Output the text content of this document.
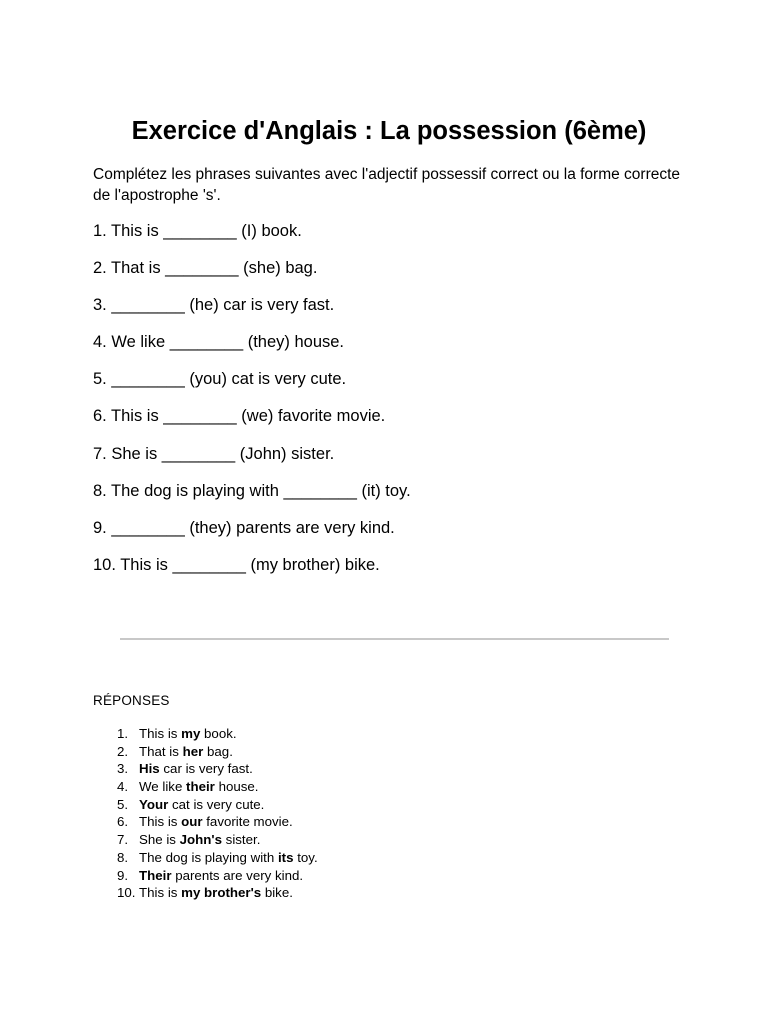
Exercice d'Anglais : La possession (6ème)
Complétez les phrases suivantes avec l'adjectif possessif correct ou la forme correcte de l'apostrophe 's'.
1. This is ________ (I) book.
2. That is ________ (she) bag.
3. ________ (he) car is very fast.
4. We like ________ (they) house.
5. ________ (you) cat is very cute.
6. This is ________ (we) favorite movie.
7. She is ________ (John) sister.
8. The dog is playing with ________ (it) toy.
9. ________ (they) parents are very kind.
10. This is ________ (my brother) bike.
RÉPONSES
1. This is my book.
2. That is her bag.
3. His car is very fast.
4. We like their house.
5. Your cat is very cute.
6. This is our favorite movie.
7. She is John's sister.
8. The dog is playing with its toy.
9. Their parents are very kind.
10. This is my brother's bike.
